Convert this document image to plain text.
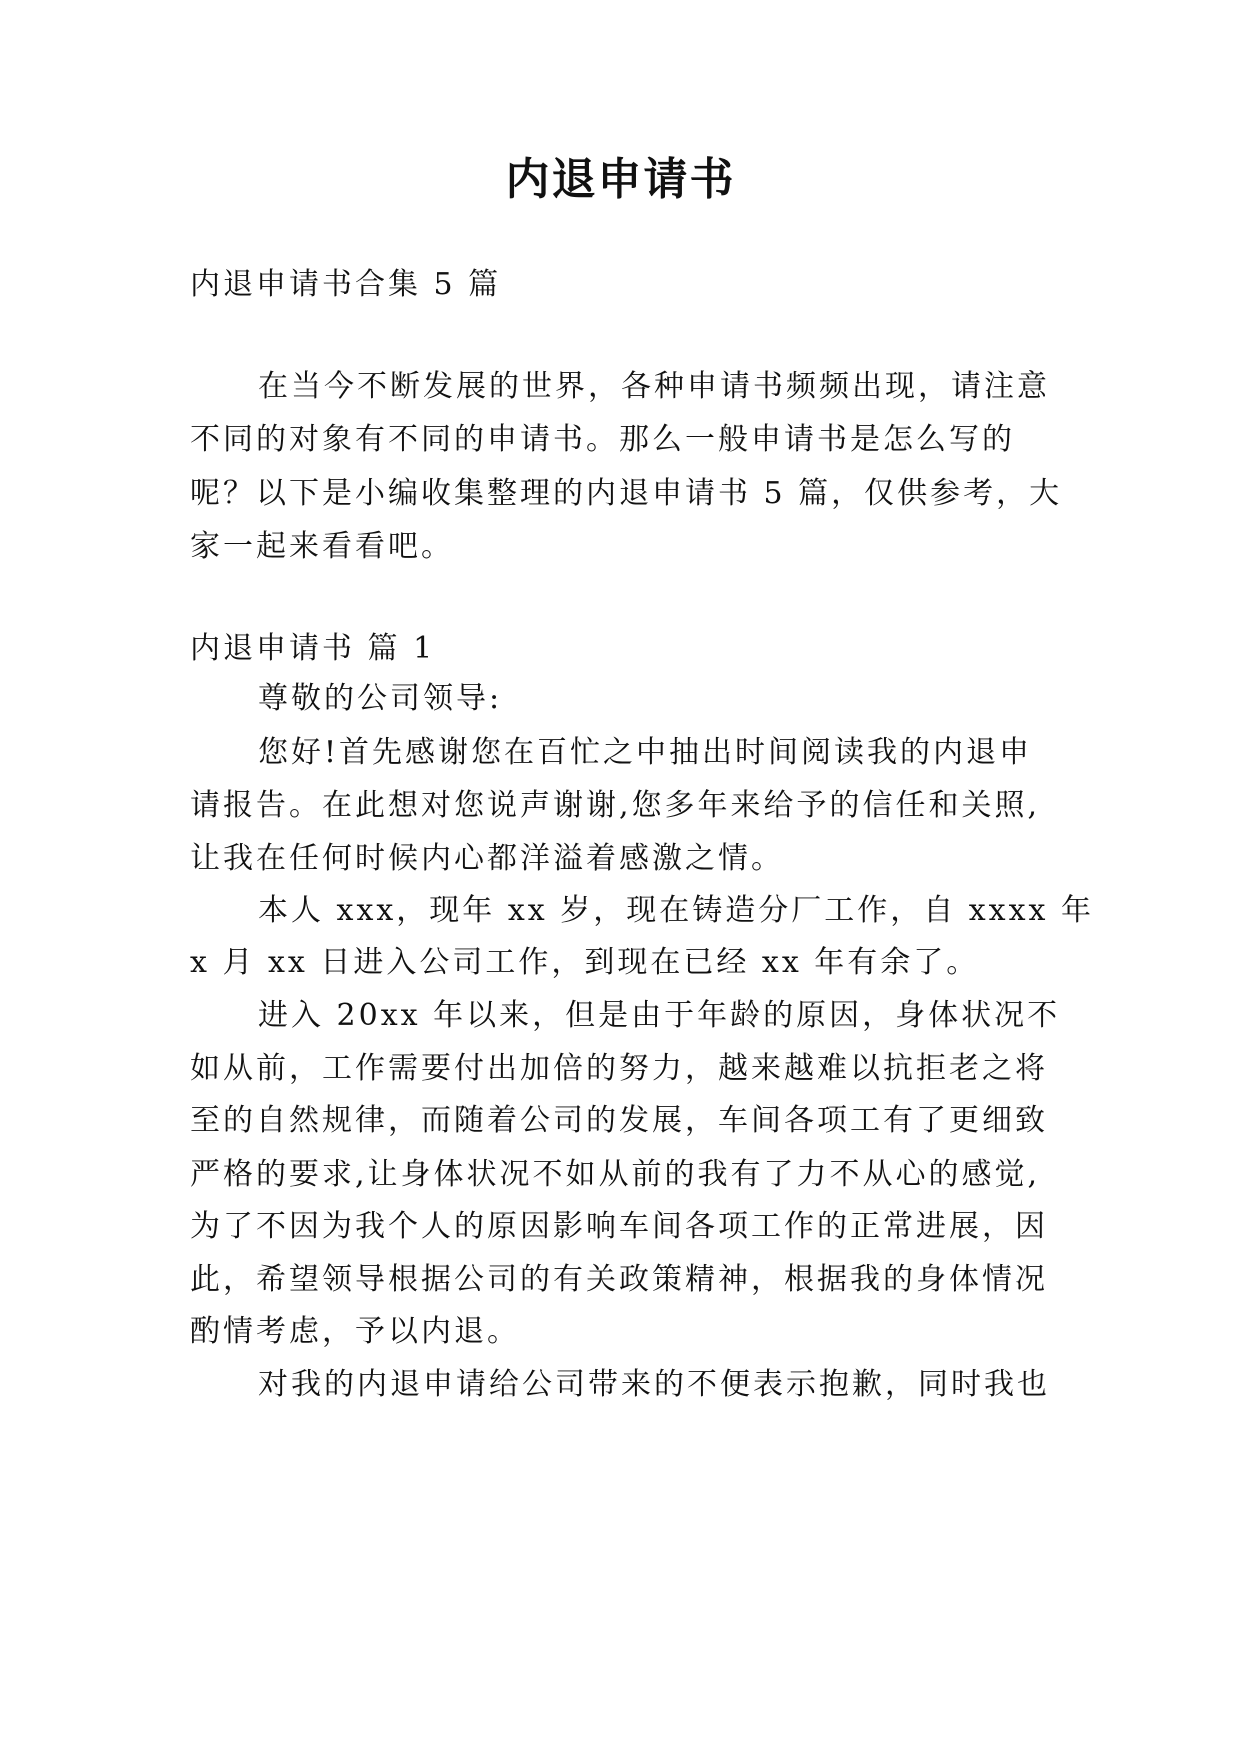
内退申请书
内退申请书合集 5 篇
在当今不断发展的世界，各种申请书频频出现，请注意
不同的对象有不同的申请书。那么一般申请书是怎么写的
呢？以下是小编收集整理的内退申请书 5 篇，仅供参考，大
家一起来看看吧。
内退申请书 篇 1
尊敬的公司领导:
您好!首先感谢您在百忙之中抽出时间阅读我的内退申
请报告。在此想对您说声谢谢,您多年来给予的信任和关照,
让我在任何时候内心都洋溢着感激之情。
本人 xxx，现年 xx 岁，现在铸造分厂工作，自 xxxx 年
x 月 xx 日进入公司工作，到现在已经 xx 年有余了。
进入 20xx 年以来，但是由于年龄的原因，身体状况不
如从前，工作需要付出加倍的努力，越来越难以抗拒老之将
至的自然规律，而随着公司的发展，车间各项工有了更细致
严格的要求,让身体状况不如从前的我有了力不从心的感觉,
为了不因为我个人的原因影响车间各项工作的正常进展，因
此，希望领导根据公司的有关政策精神，根据我的身体情况
酌情考虑，予以内退。
对我的内退申请给公司带来的不便表示抱歉，同时我也
